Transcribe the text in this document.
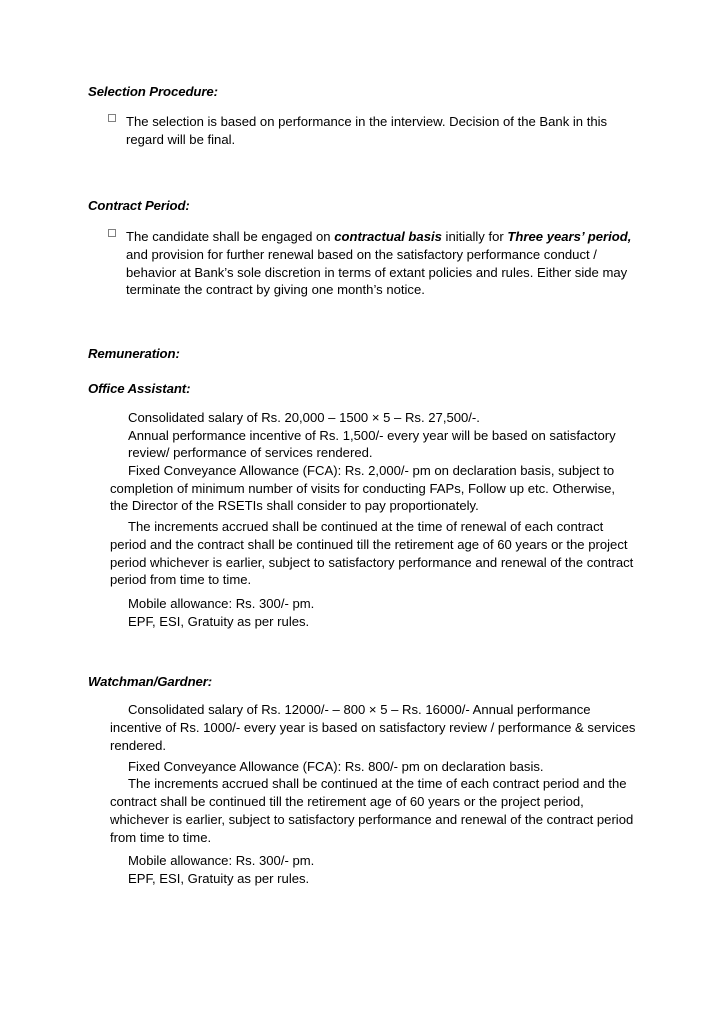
Selection Procedure:
The selection is based on performance in the interview. Decision of the Bank in this regard will be final.
Contract Period:
The candidate shall be engaged on contractual basis initially for Three years’ period, and provision for further renewal based on the satisfactory performance conduct / behavior at Bank’s sole discretion in terms of extant policies and rules. Either side may terminate the contract by giving one month’s notice.
Remuneration:
Office Assistant:

Consolidated salary of Rs. 20,000 – 1500 × 5 – Rs. 27,500/-.

Annual performance incentive of Rs. 1,500/- every year will be based on satisfactory review/ performance of services rendered.

Fixed Conveyance Allowance (FCA): Rs. 2,000/- pm on declaration basis, subject to completion of minimum number of visits for conducting FAPs, Follow up etc. Otherwise, the Director of the RSETIs shall consider to pay proportionately.

The increments accrued shall be continued at the time of renewal of each contract period and the contract shall be continued till the retirement age of 60 years or the project period whichever is earlier, subject to satisfactory performance and renewal of the contract period from time to time.

Mobile allowance: Rs. 300/- pm.

EPF, ESI, Gratuity as per rules.

Watchman/Gardner:

Consolidated salary of Rs. 12000/- – 800 × 5 – Rs. 16000/- Annual performance incentive of Rs. 1000/- every year is based on satisfactory review / performance & services rendered.

Fixed Conveyance Allowance (FCA): Rs. 800/- pm on declaration basis.

The increments accrued shall be continued at the time of each contract period and the contract shall be continued till the retirement age of 60 years or the project period, whichever is earlier, subject to satisfactory performance and renewal of the contract period from time to time.

Mobile allowance: Rs. 300/- pm.

EPF, ESI, Gratuity as per rules.
